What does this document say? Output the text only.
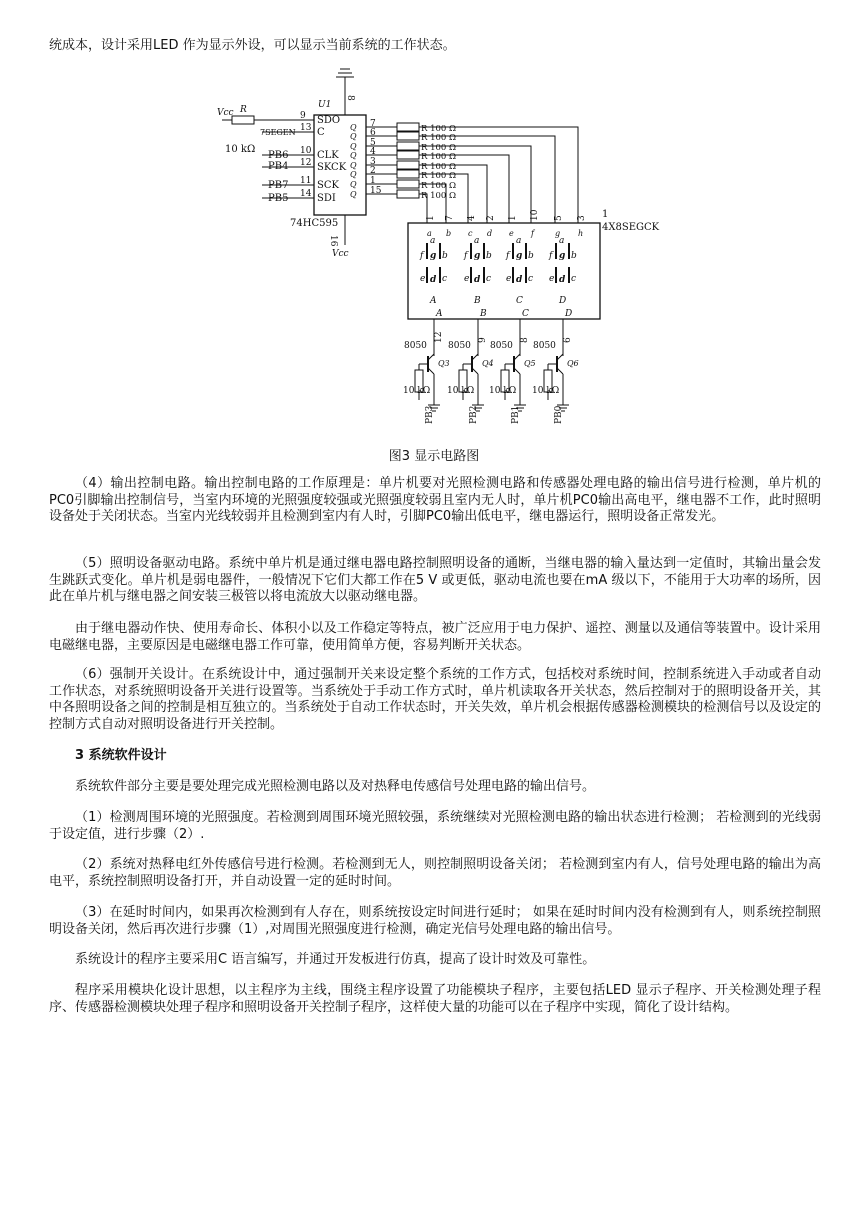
统成本，设计采用LED 作为显示外设，可以显示当前系统的工作状态。

f g b
a
e d c
f g b
a
e d c
f g b
a
e d c
f g b
a
e d c
8050
Q3
10 kΩ
PB3
8050
Q4
10 kΩ
PB2
8050
Q5
10 kΩ
PB1
8050
Q6
10 kΩ
PB0
U1
8
16
74HC595
Vcc
Vcc R
10 kΩ
7SEGEN
PB6
PB4
PB7
PB5
9 SDO
13 C
10 CLK
12 SKCK
11 SCK
14 SDI
Q 7
Q 6
Q 5
Q 4
Q 3
Q 2
Q 1
Q 15
R 100 Ω
R 100 Ω
R 100 Ω
R 100 Ω
R 100 Ω
R 100 Ω
R 100 Ω
R 100 Ω
1
4X8SEGCK
1
a
7
b
4
c
2
d
1
e
10
f
5
g
3
h
A
A
12
B
B
9
C
C
8
D
D
6
图3 显示电路图

（4）输出控制电路。输出控制电路的工作原理是：单片机要对光照检测电路和传感器处理电路的输出信号进行检测，单片机的PC0引脚输出控制信号，当室内环境的光照强度较强或光照强度较弱且室内无人时，单片机PC0输出高电平，继电器不工作，此时照明设备处于关闭状态。当室内光线较弱并且检测到室内有人时，引脚PC0输出低电平，继电器运行，照明设备正常发光。

（5）照明设备驱动电路。系统中单片机是通过继电器电路控制照明设备的通断，当继电器的输入量达到一定值时，其输出量会发生跳跃式变化。单片机是弱电器件，一般情况下它们大都工作在5 V 或更低，驱动电流也要在mA 级以下，不能用于大功率的场所，因此在单片机与继电器之间安装三极管以将电流放大以驱动继电器。

由于继电器动作快、使用寿命长、体积小以及工作稳定等特点，被广泛应用于电力保护、遥控、测量以及通信等装置中。设计采用电磁继电器，主要原因是电磁继电器工作可靠，使用简单方便，容易判断开关状态。

（6）强制开关设计。在系统设计中，通过强制开关来设定整个系统的工作方式，包括校对系统时间，控制系统进入手动或者自动工作状态，对系统照明设备开关进行设置等。当系统处于手动工作方式时，单片机读取各开关状态，然后控制对于的照明设备开关，其中各照明设备之间的控制是相互独立的。当系统处于自动工作状态时，开关失效，单片机会根据传感器检测模块的检测信号以及设定的控制方式自动对照明设备进行开关控制。

3 系统软件设计

系统软件部分主要是要处理完成光照检测电路以及对热释电传感信号处理电路的输出信号。

（1）检测周围环境的光照强度。若检测到周围环境光照较强，系统继续对光照检测电路的输出状态进行检测； 若检测到的光线弱于设定值，进行步骤（2）.

（2）系统对热释电红外传感信号进行检测。若检测到无人，则控制照明设备关闭； 若检测到室内有人，信号处理电路的输出为高电平，系统控制照明设备打开，并自动设置一定的延时时间。

（3）在延时时间内，如果再次检测到有人存在，则系统按设定时间进行延时； 如果在延时时间内没有检测到有人，则系统控制照明设备关闭，然后再次进行步骤（1）,对周围光照强度进行检测，确定光信号处理电路的输出信号。

系统设计的程序主要采用C 语言编写，并通过开发板进行仿真，提高了设计时效及可靠性。

程序采用模块化设计思想，以主程序为主线，围绕主程序设置了功能模块子程序，主要包括LED 显示子程序、开关检测处理子程序、传感器检测模块处理子程序和照明设备开关控制子程序，这样使大量的功能可以在子程序中实现，简化了设计结构。
